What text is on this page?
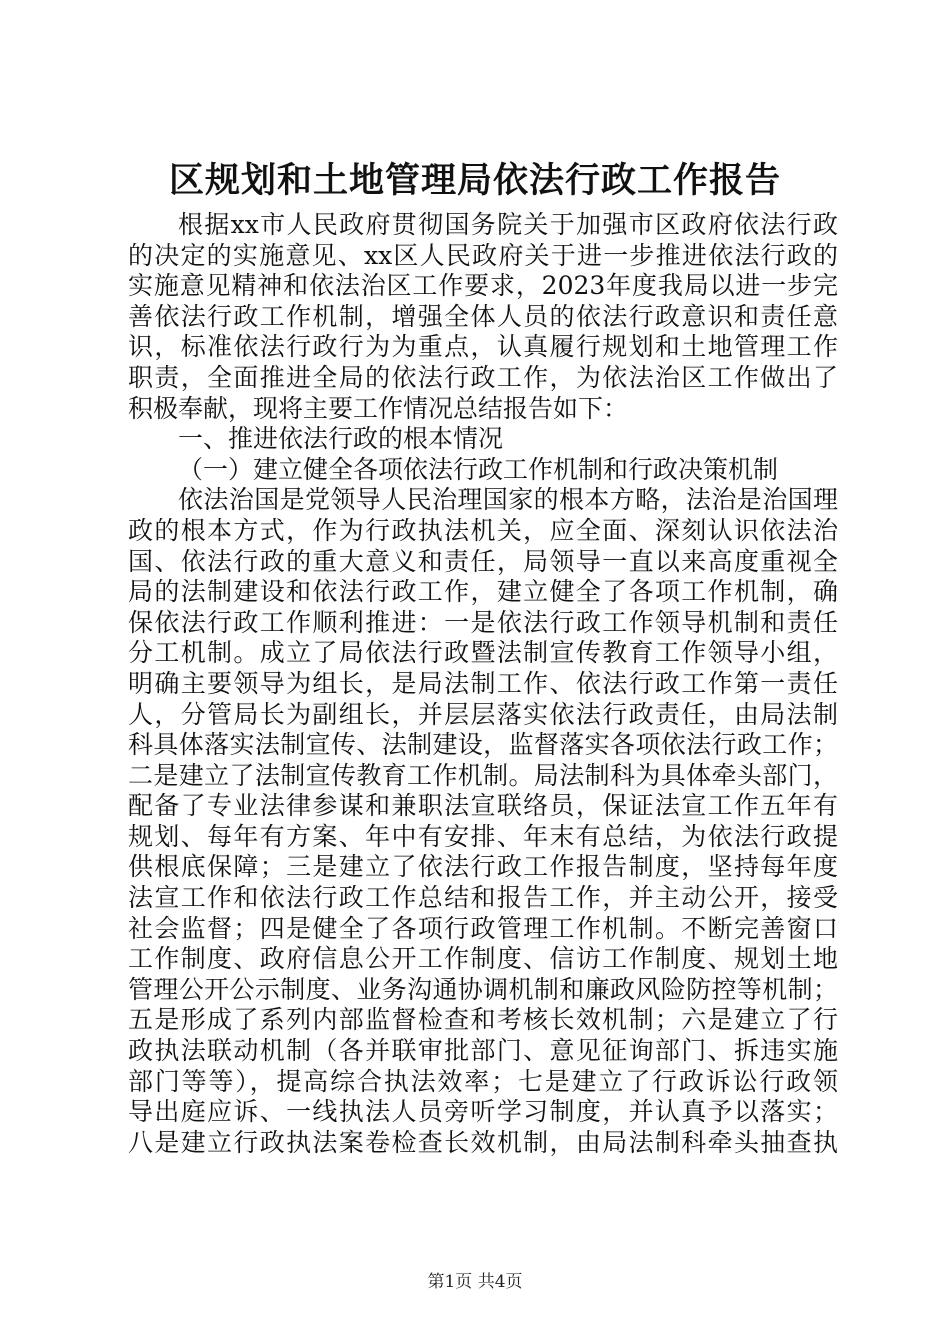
区规划和土地管理局依法行政工作报告
根据xx市人民政府贯彻国务院关于加强市区政府依法行政
的决定的实施意见、xx区人民政府关于进一步推进依法行政的
实施意见精神和依法治区工作要求，2023年度我局以进一步完
善依法行政工作机制，增强全体人员的依法行政意识和责任意
识，标准依法行政行为为重点，认真履行规划和土地管理工作
职责，全面推进全局的依法行政工作，为依法治区工作做出了
积极奉献，现将主要工作情况总结报告如下：
一、推进依法行政的根本情况
（一）建立健全各项依法行政工作机制和行政决策机制
依法治国是党领导人民治理国家的根本方略，法治是治国理
政的根本方式，作为行政执法机关，应全面、深刻认识依法治
国、依法行政的重大意义和责任，局领导一直以来高度重视全
局的法制建设和依法行政工作，建立健全了各项工作机制，确
保依法行政工作顺利推进：一是依法行政工作领导机制和责任
分工机制。成立了局依法行政暨法制宣传教育工作领导小组，
明确主要领导为组长，是局法制工作、依法行政工作第一责任
人，分管局长为副组长，并层层落实依法行政责任，由局法制
科具体落实法制宣传、法制建设，监督落实各项依法行政工作；
二是建立了法制宣传教育工作机制。局法制科为具体牵头部门，
配备了专业法律参谋和兼职法宣联络员，保证法宣工作五年有
规划、每年有方案、年中有安排、年末有总结，为依法行政提
供根底保障；三是建立了依法行政工作报告制度，坚持每年度
法宣工作和依法行政工作总结和报告工作，并主动公开，接受
社会监督；四是健全了各项行政管理工作机制。不断完善窗口
工作制度、政府信息公开工作制度、信访工作制度、规划土地
管理公开公示制度、业务沟通协调机制和廉政风险防控等机制；
五是形成了系列内部监督检查和考核长效机制；六是建立了行
政执法联动机制（各并联审批部门、意见征询部门、拆违实施
部门等等），提高综合执法效率；七是建立了行政诉讼行政领
导出庭应诉、一线执法人员旁听学习制度，并认真予以落实；
八是建立行政执法案卷检查长效机制，由局法制科牵头抽查执
第1页 共4页
